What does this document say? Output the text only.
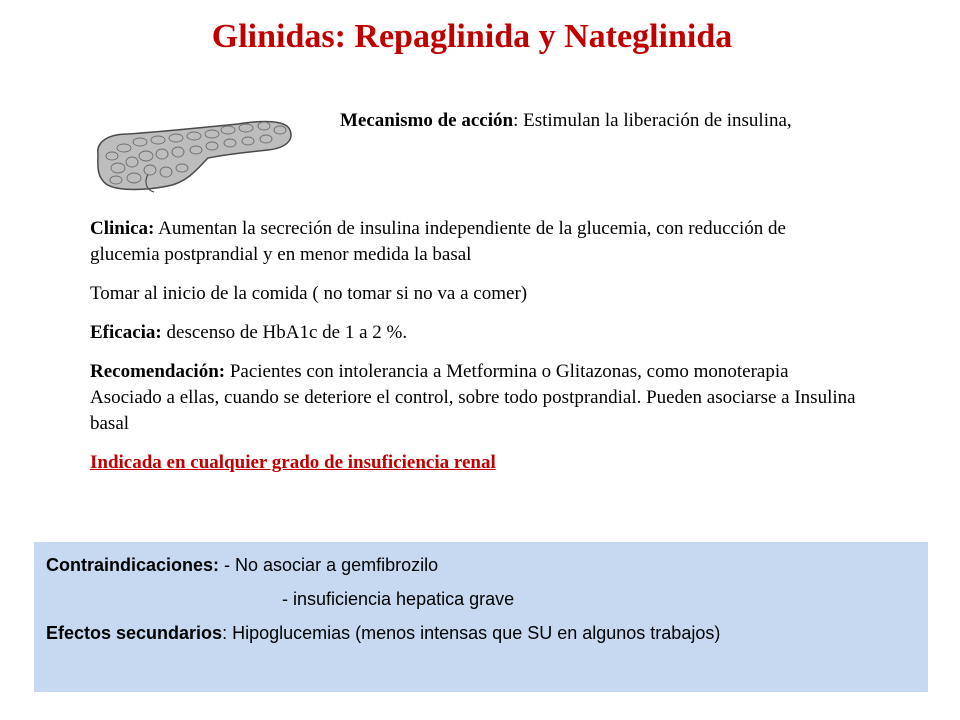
Glinidas: Repaglinida y Nateglinida
Mecanismo de acción: Estimulan la liberación de insulina,

Clinica: Aumentan la secreción de insulina independiente de la glucemia, con reducción de glucemia postprandial y en menor medida la basal

Tomar al inicio de la comida ( no tomar si no va a comer)

Eficacia: descenso de HbA1c de 1 a 2 %.

Recomendación: Pacientes con intolerancia a Metformina o Glitazonas, como monoterapia Asociado a ellas, cuando se deteriore el control, sobre todo postprandial. Pueden asociarse a Insulina basal

Indicada en cualquier grado de insuficiencia renal

Contraindicaciones: - No asociar a gemfibrozilo

- insuficiencia hepatica grave

Efectos secundarios: Hipoglucemias (menos intensas que SU en algunos trabajos)
